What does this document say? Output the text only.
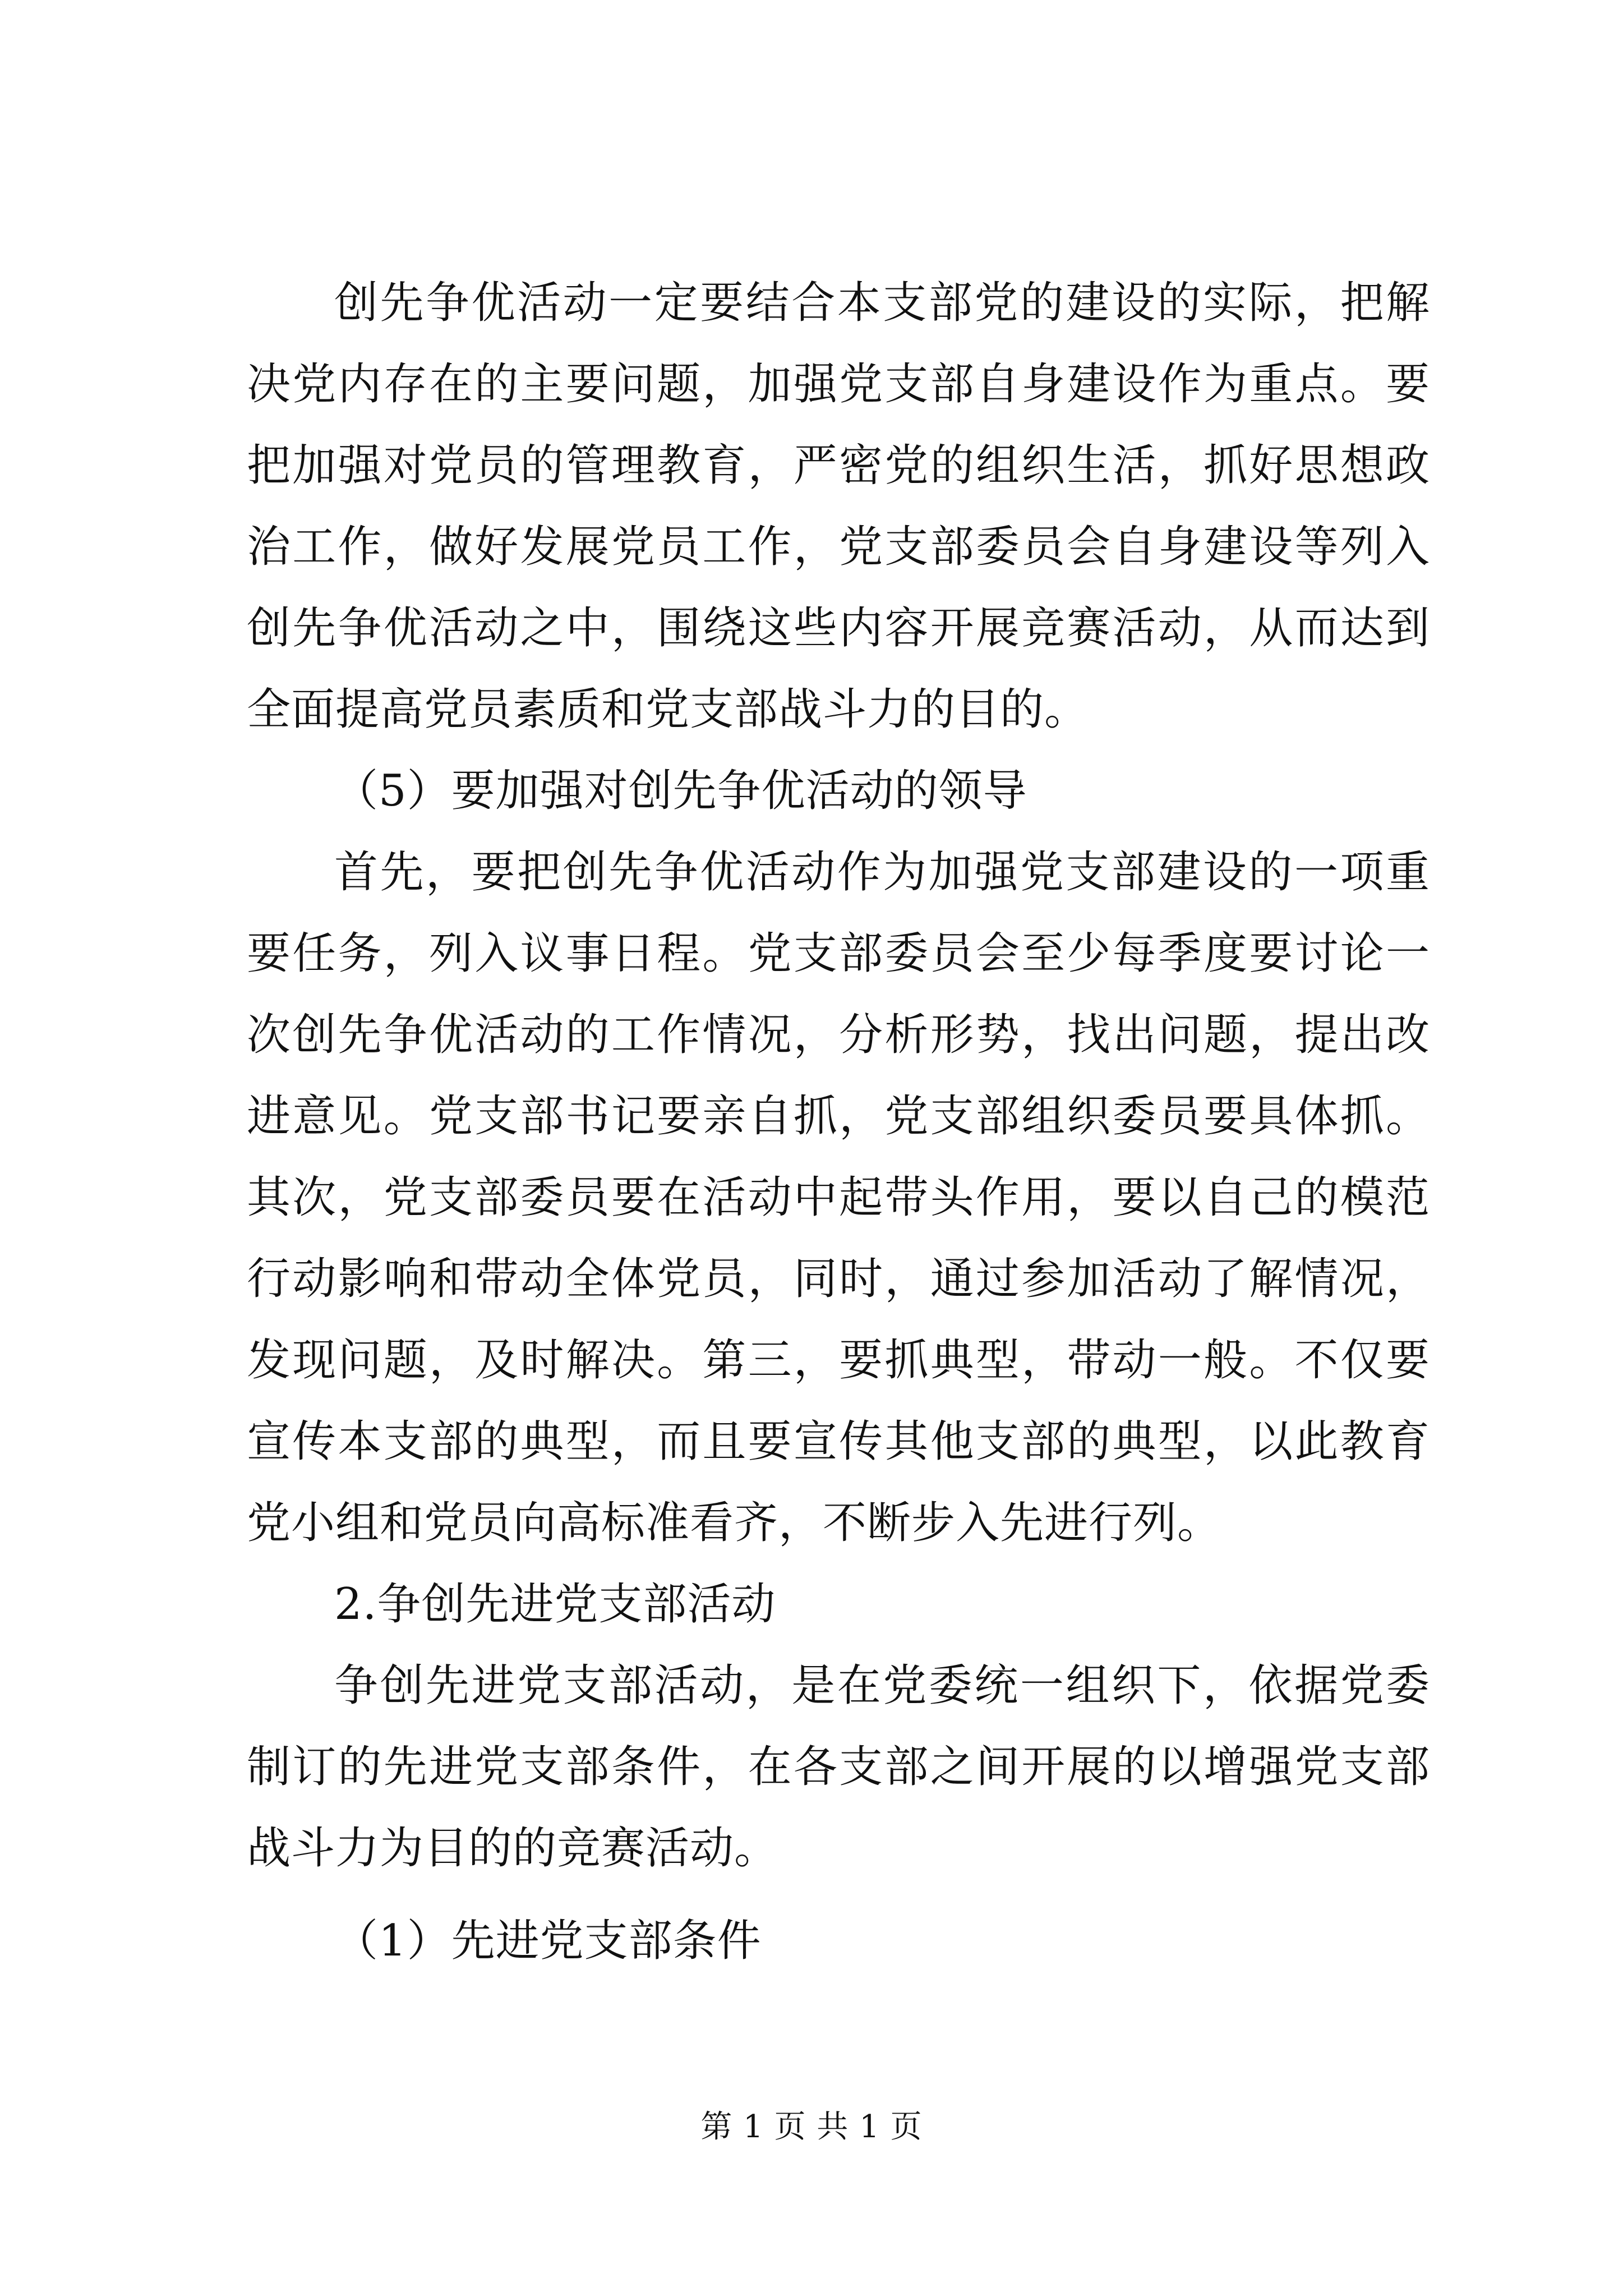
创先争优活动一定要结合本支部党的建设的实际，把解决党内存在的主要问题，加强党支部自身建设作为重点。要把加强对党员的管理教育，严密党的组织生活，抓好思想政治工作，做好发展党员工作，党支部委员会自身建设等列入创先争优活动之中，围绕这些内容开展竞赛活动，从而达到全面提高党员素质和党支部战斗力的目的。

（5）要加强对创先争优活动的领导

首先，要把创先争优活动作为加强党支部建设的一项重要任务，列入议事日程。党支部委员会至少每季度要讨论一次创先争优活动的工作情况，分析形势，找出问题，提出改进意见。党支部书记要亲自抓，党支部组织委员要具体抓。其次，党支部委员要在活动中起带头作用，要以自己的模范行动影响和带动全体党员，同时，通过参加活动了解情况，发现问题，及时解决。第三，要抓典型，带动一般。不仅要宣传本支部的典型，而且要宣传其他支部的典型，以此教育党小组和党员向高标准看齐，不断步入先进行列。

2.争创先进党支部活动

争创先进党支部活动，是在党委统一组织下，依据党委制订的先进党支部条件，在各支部之间开展的以增强党支部战斗力为目的的竞赛活动。

（1）先进党支部条件

第 1 页 共 1 页
